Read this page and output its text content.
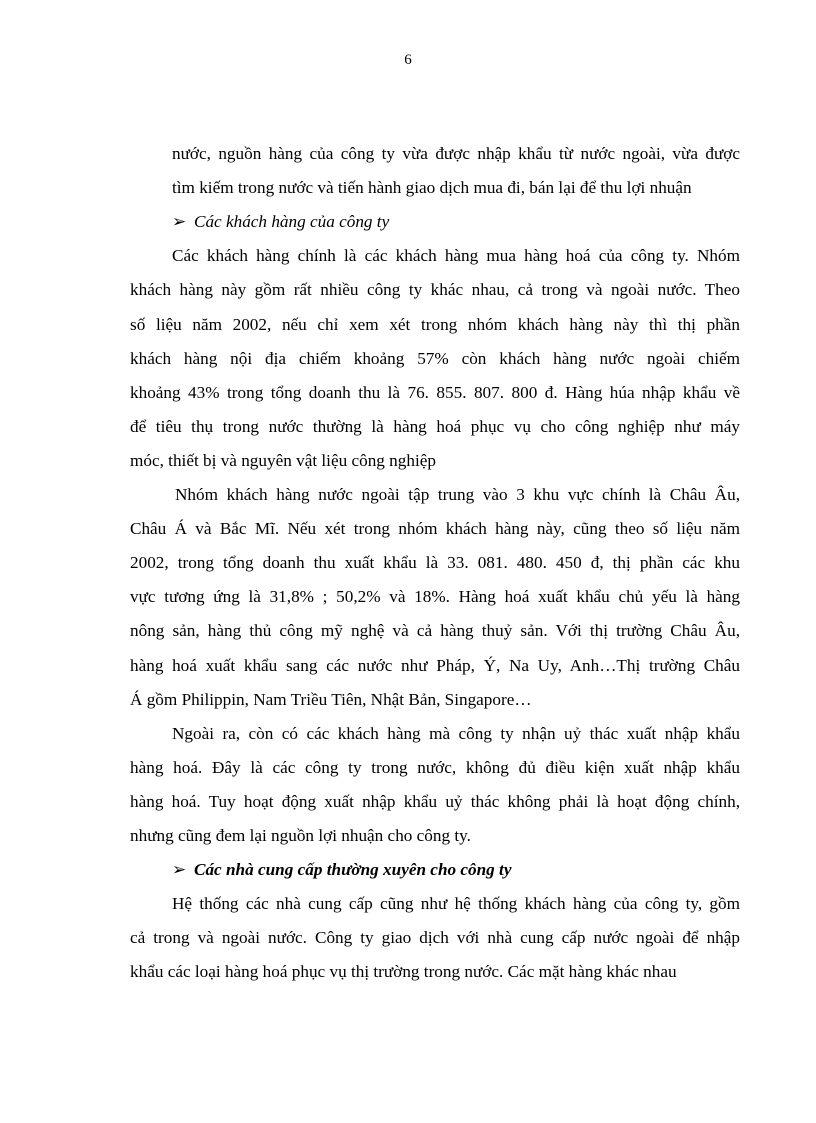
6
nước, nguồn hàng của công ty vừa được nhập khẩu từ nước ngoài, vừa được
tìm kiếm trong nước và tiến hành giao dịch mua đi, bán lại để thu lợi nhuận
➢ Các khách hàng của công ty
Các khách hàng chính là các khách hàng mua hàng hoá của công ty. Nhóm
khách hàng này gồm rất nhiều công ty khác nhau, cả trong và ngoài nước. Theo
số liệu năm 2002, nếu chỉ xem xét trong nhóm khách hàng này thì thị phần
khách hàng nội địa chiếm khoảng 57% còn khách hàng nước ngoài chiếm
khoảng 43% trong tổng doanh thu là 76. 855. 807. 800 đ. Hàng húa nhập khẩu về
để tiêu thụ trong nước thường là hàng hoá phục vụ cho công nghiệp như máy
móc, thiết bị và nguyên vật liệu công nghiệp
Nhóm khách hàng nước ngoài tập trung vào 3 khu vực chính là Châu Âu,
Châu Á và Bắc Mĩ. Nếu xét trong nhóm khách hàng này, cũng theo số liệu năm
2002, trong tổng doanh thu xuất khẩu là 33. 081. 480. 450 đ, thị phần các khu
vực tương ứng là 31,8% ; 50,2% và 18%. Hàng hoá xuất khẩu chủ yếu là hàng
nông sản, hàng thủ công mỹ nghệ và cả hàng thuỷ sản. Với thị trường Châu Âu,
hàng hoá xuất khẩu sang các nước như Pháp, Ý, Na Uy, Anh…Thị trường Châu
Á gồm Philippin, Nam Triều Tiên, Nhật Bản, Singapore…
Ngoài ra, còn có các khách hàng mà công ty nhận uỷ thác xuất nhập khẩu
hàng hoá. Đây là các công ty trong nước, không đủ điều kiện xuất nhập khẩu
hàng hoá. Tuy hoạt động xuất nhập khẩu uỷ thác không phải là hoạt động chính,
nhưng cũng đem lại nguồn lợi nhuận cho công ty.
➢ Các nhà cung cấp thường xuyên cho công ty
Hệ thống các nhà cung cấp cũng như hệ thống khách hàng của công ty, gồm
cả trong và ngoài nước. Công ty giao dịch với nhà cung cấp nước ngoài để nhập
khẩu các loại hàng hoá phục vụ thị trường trong nước. Các mặt hàng khác nhau
